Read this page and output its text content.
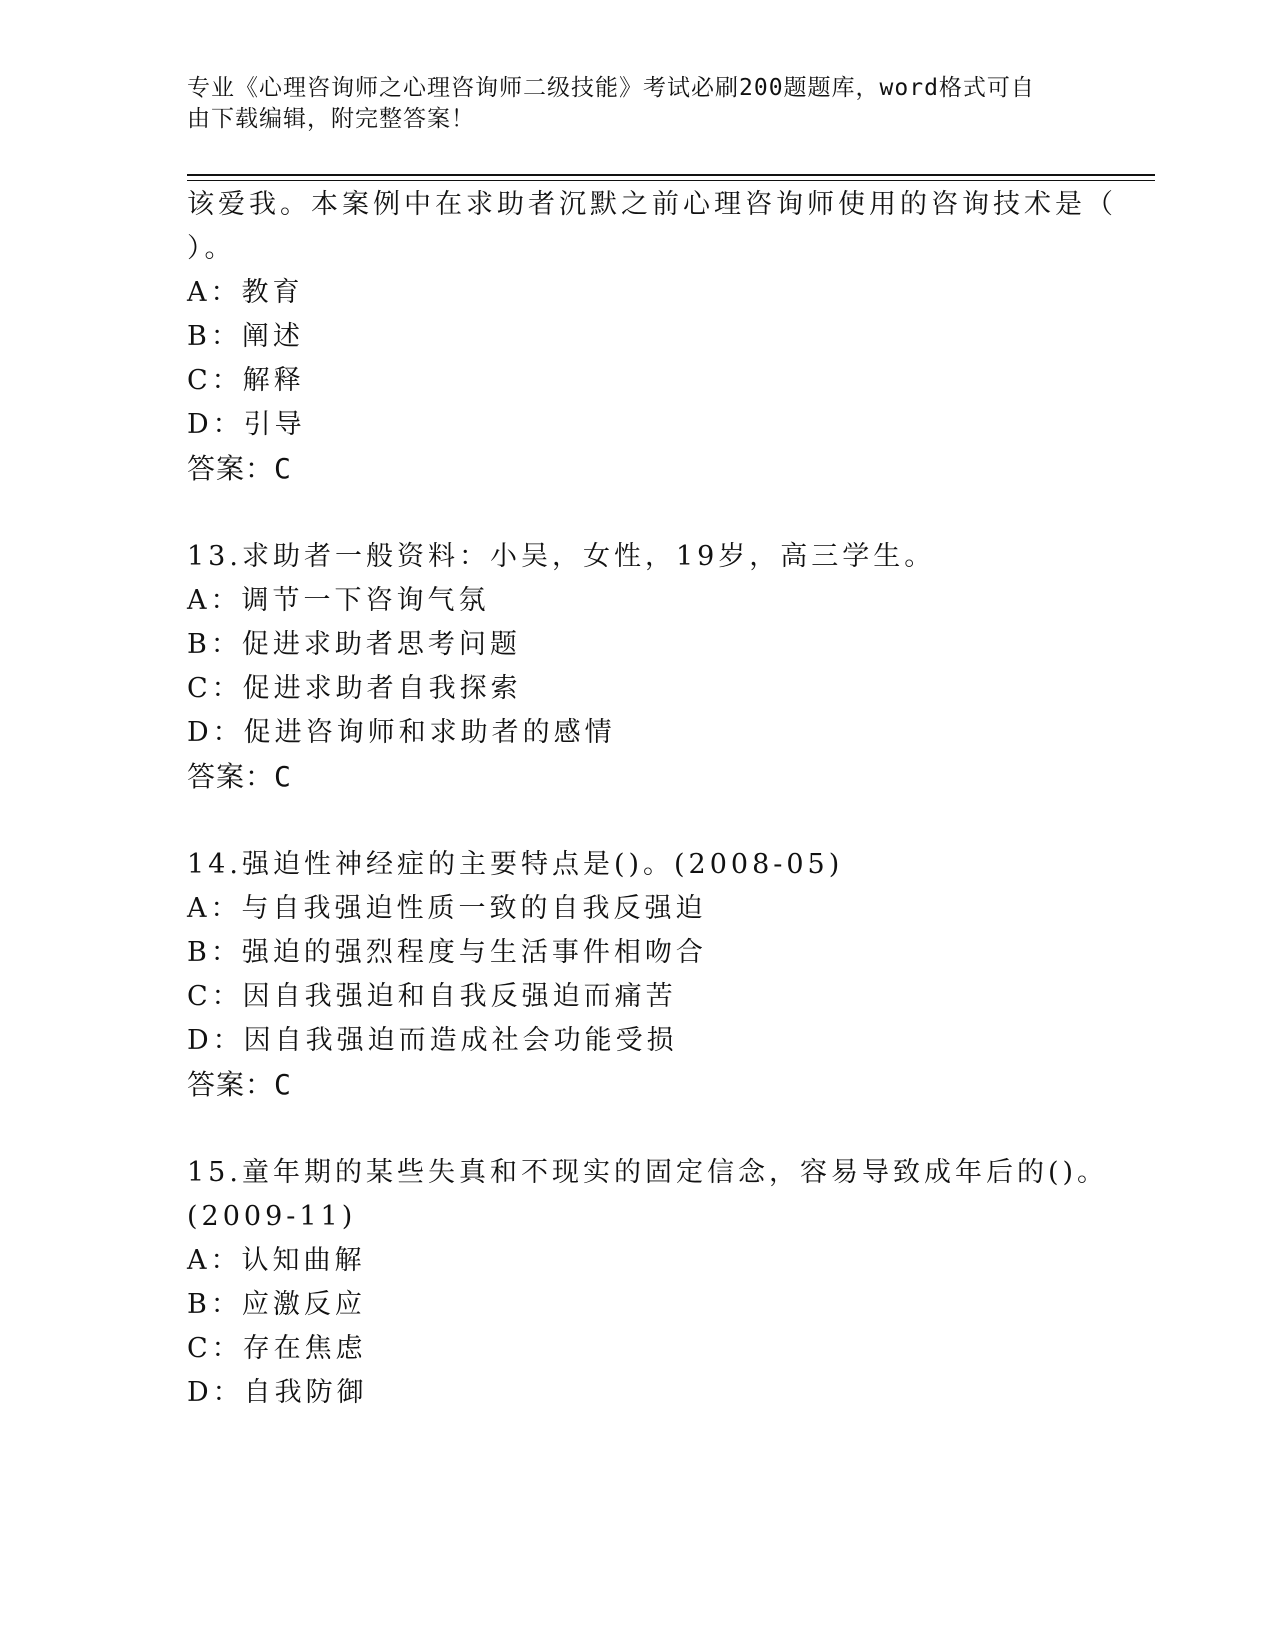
专业《心理咨询师之心理咨询师二级技能》考试必刷200题题库，word格式可自
由下载编辑，附完整答案！
该爱我。本案例中在求助者沉默之前心理咨询师使用的咨询技术是（
）。
A：教育
B：阐述
C：解释
D：引导
答案：C
13.求助者一般资料：小吴，女性，19岁，高三学生。
A：调节一下咨询气氛
B：促进求助者思考问题
C：促进求助者自我探索
D：促进咨询师和求助者的感情
答案：C
14.强迫性神经症的主要特点是()。(2008-05)
A：与自我强迫性质一致的自我反强迫
B：强迫的强烈程度与生活事件相吻合
C：因自我强迫和自我反强迫而痛苦
D：因自我强迫而造成社会功能受损
答案：C
15.童年期的某些失真和不现实的固定信念，容易导致成年后的()。
(2009-11)
A：认知曲解
B：应激反应
C：存在焦虑
D：自我防御
